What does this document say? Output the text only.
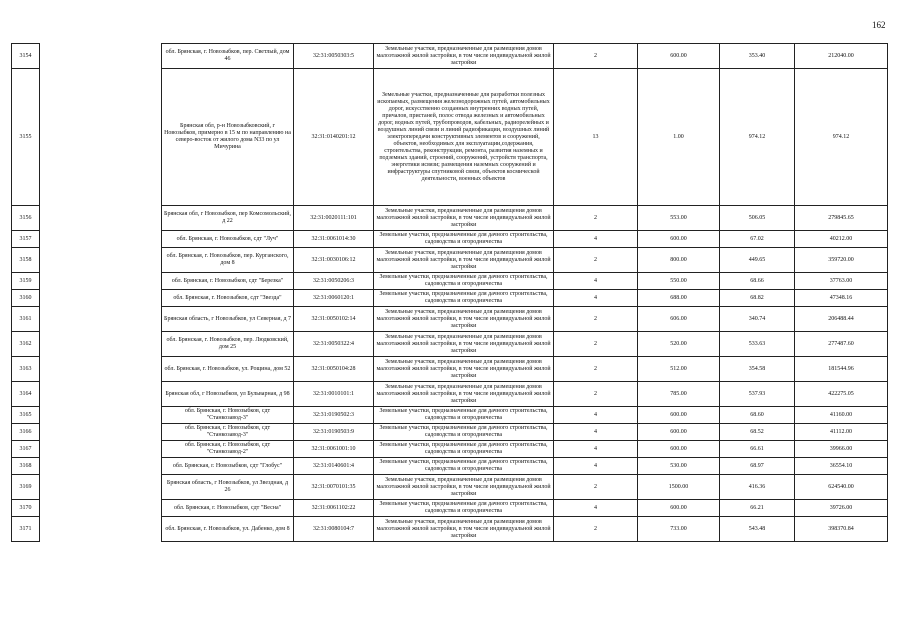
162
3154		обл. Брянская, г. Новозыбков, пер. Светлый, дом 46	32:31:0050303:5	Земельные участки, предназначенные для размещения домов малоэтажной жилой застройки, в том числе индивидуальной жилой застройки	2	600.00	353.40	212040.00
3155		Брянская обл, р-н Новозыбковский, г Новозыбков, примерно в 15 м по направлению на северо-восток от жилого дома N33 по ул Мичурина	32:31:0140201:12	Земельные участки, предназначенные для разработки полезных ископаемых, размещения железнодорожных путей, автомобильных дорог, искусственно созданных внутренних водных путей, причалов, пристаней, полос отвода железных и автомобильных дорог, водных путей, трубопроводов, кабельных, радиорелейных и воздушных линий связи и линий радиофикации, воздушных линий электропередачи конструктивных элементов и сооружений, объектов, необходимых для эксплуатации,содержания, строительства, реконструкции, ремонта, развития наземных и подземных зданий, строений, сооружений, устройств транспорта, энергетики исвязи; размещения наземных сооружений и инфраструктуры спутниковой связи, объектов космической деятельности, военных объектов	13	1.00	974.12	974.12
3156		Брянская обл, г Новозыбков, пер Комсомольский, д 22	32:31:0020111:101	Земельные участки, предназначенные для размещения домов малоэтажной жилой застройки, в том числе индивидуальной жилой застройки	2	553.00	506.05	279845.65
3157		обл. Брянская, г. Новозыбков, сдт "Луч"	32:31:0061014:30	Земельные участки, предназначенные для дачного строительства, садоводства и огородничества	4	600.00	67.02	40212.00
3158		обл. Брянская, г. Новозыбков, пер. Курганского, дом 8	32:31:0030106:12	Земельные участки, предназначенные для размещения домов малоэтажной жилой застройки, в том числе индивидуальной жилой застройки	2	800.00	449.65	359720.00
3159		обл. Брянская, г. Новозыбков, сдт "Березка"	32:31:0050206:3	Земельные участки, предназначенные для дачного строительства, садоводства и огородничества	4	550.00	68.66	37763.00
3160		обл. Брянская, г. Новозыбков, сдт "Звезда"	32:31:0060120:1	Земельные участки, предназначенные для дачного строительства, садоводства и огородничества	4	688.00	68.82	47348.16
3161		Брянская область, г Новозыбков, ул Северная, д 7	32:31:0050102:14	Земельные участки, предназначенные для размещения домов малоэтажной жилой застройки, в том числе индивидуальной жилой застройки	2	606.00	340.74	206488.44
3162		обл. Брянская, г. Новозыбков, пер. Людковский, дом 25	32:31:0050322:4	Земельные участки, предназначенные для размещения домов малоэтажной жилой застройки, в том числе индивидуальной жилой застройки	2	520.00	533.63	277487.60
3163		обл. Брянская, г. Новозыбков, ул. Рощина, дом 52	32:31:0050104:28	Земельные участки, предназначенные для размещения домов малоэтажной жилой застройки, в том числе индивидуальной жилой застройки	2	512.00	354.58	181544.96
3164		Брянская обл, г Новозыбков, ул Бульварная, д 98	32:31:0010101:1	Земельные участки, предназначенные для размещения домов малоэтажной жилой застройки, в том числе индивидуальной жилой застройки	2	785.00	537.93	422275.05
3165		обл. Брянская, г. Новозыбков, сдт "Станкозавод-3"	32:31:0190502:3	Земельные участки, предназначенные для дачного строительства, садоводства и огородничества	4	600.00	68.60	41160.00
3166		обл. Брянская, г. Новозыбков, сдт "Станкозавод-3"	32:31:0190503:9	Земельные участки, предназначенные для дачного строительства, садоводства и огородничества	4	600.00	68.52	41112.00
3167		обл. Брянская, г. Новозыбков, сдт "Станкозавод-2"	32:31:0061001:10	Земельные участки, предназначенные для дачного строительства, садоводства и огородничества	4	600.00	66.61	39966.00
3168		обл. Брянская, г. Новозыбков, сдт "Глобус"	32:31:0140601:4	Земельные участки, предназначенные для дачного строительства, садоводства и огородничества	4	530.00	68.97	36554.10
3169		Брянская область, г Новозыбков, ул Звездная, д 26	32:31:0070101:35	Земельные участки, предназначенные для размещения домов малоэтажной жилой застройки, в том числе индивидуальной жилой застройки	2	1500.00	416.36	624540.00
3170		обл. Брянская, г. Новозыбков, сдт "Весна"	32:31:0061102:22	Земельные участки, предназначенные для дачного строительства, садоводства и огородничества	4	600.00	66.21	39726.00
3171		обл. Брянская, г. Новозыбков, ул. Дабенко, дом 8	32:31:0080104:7	Земельные участки, предназначенные для размещения домов малоэтажной жилой застройки, в том числе индивидуальной жилой застройки	2	733.00	543.48	398370.84
